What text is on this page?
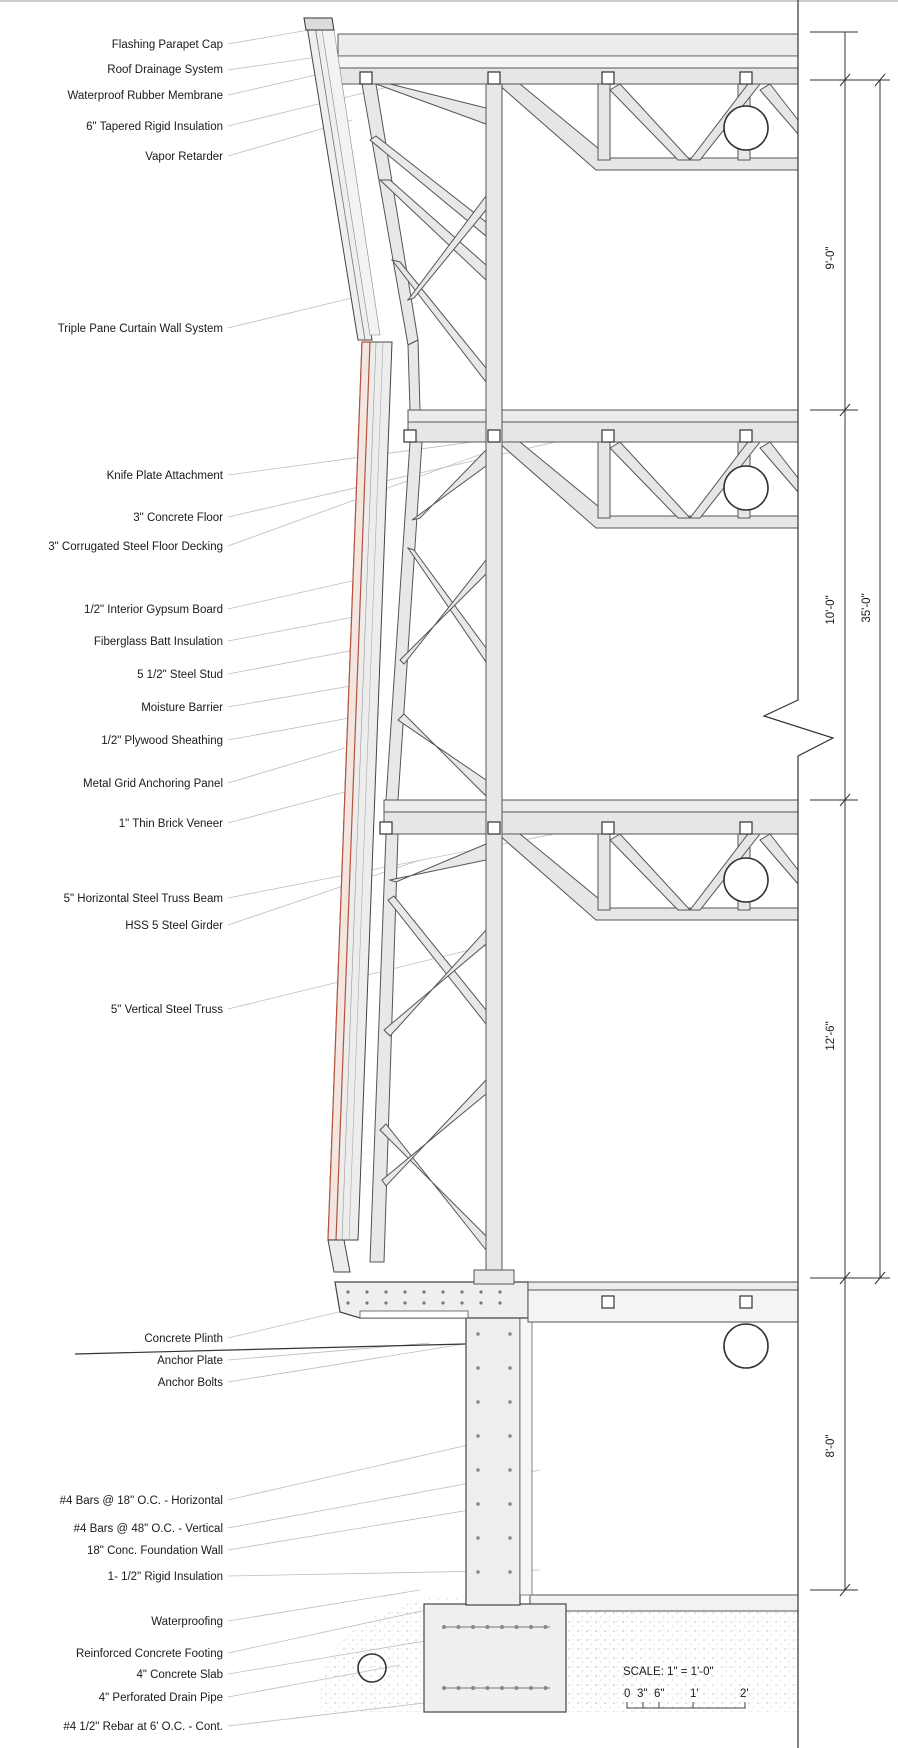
9'-0"
10'-0"
12'-6"
8'-0"
35'-0"
SCALE: 1" = 1'-0"
0 3" 6" 1'	2'
Flashing Parapet Cap
Roof Drainage System
Waterproof Rubber Membrane
6" Tapered Rigid Insulation
Vapor Retarder
Triple Pane Curtain Wall System
Knife Plate Attachment
3" Concrete Floor
3" Corrugated Steel Floor Decking
1/2" Interior Gypsum Board
Fiberglass Batt Insulation
5 1/2" Steel Stud
Moisture Barrier
1/2" Plywood Sheathing
Metal Grid Anchoring Panel
1" Thin Brick Veneer
5" Horizontal Steel Truss Beam
HSS 5 Steel Girder
5" Vertical Steel Truss
Concrete Plinth
Anchor Plate
Anchor Bolts
#4 Bars @ 18" O.C. - Horizontal
#4 Bars @ 48" O.C. - Vertical
18" Conc. Foundation Wall
1- 1/2" Rigid Insulation
Waterproofing
Reinforced Concrete Footing
4" Concrete Slab
4" Perforated Drain Pipe
#4 1/2" Rebar at 6' O.C. - Cont.
